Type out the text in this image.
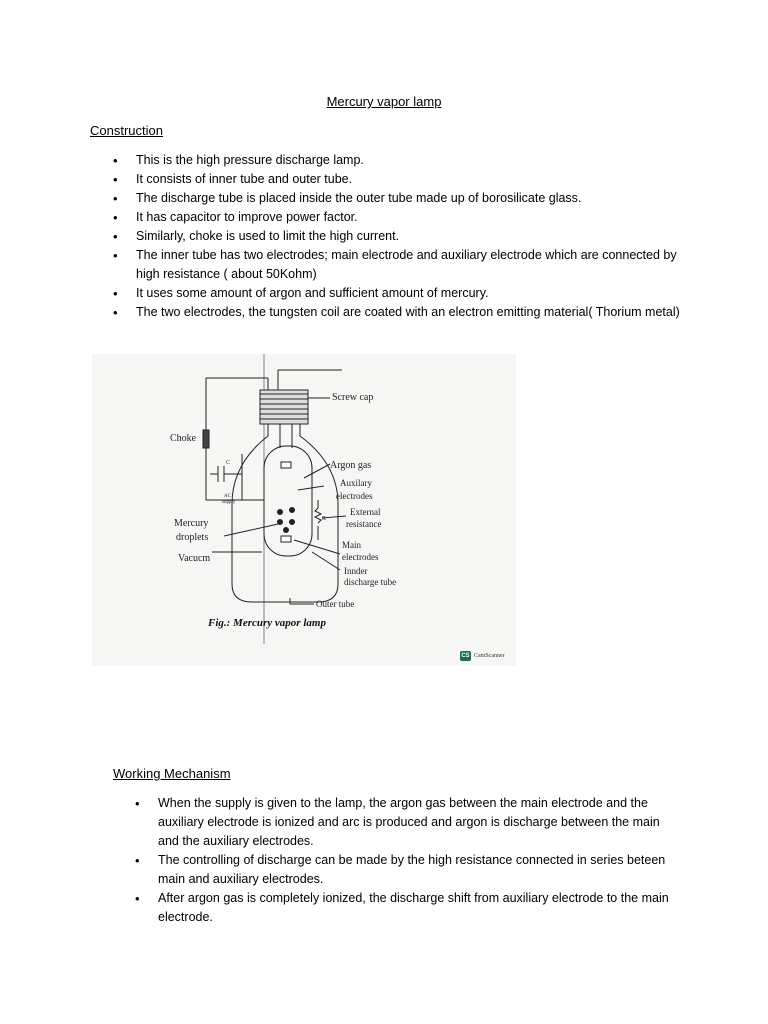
Mercury vapor lamp
Construction
• This is the high pressure discharge lamp.
• It consists of inner tube and outer tube.
• The discharge tube is placed inside the outer tube made up of borosilicate glass.
• It has capacitor to improve power factor.
• Similarly, choke is used to limit the high current.
• The inner tube has two electrodes; main electrode and auxiliary electrode which are connected by high resistance ( about 50Kohm)
• It uses some amount of argon and sufficient amount of mercury.
• The two electrodes, the tungsten coil are coated with an electron emitting material( Thorium metal)
Screw cap
Choke
Argon gas
Auxilary
electrodes
External
resistance
Mercury
droplets
Vacucm
Main
electrodes
Innder
discharge tube
Outer tube
AC
supply
C
R
Fig.: Mercury vapor lamp
CS CamScanner
Working Mechanism
• When the supply is given to the lamp, the argon gas between the main electrode and the auxiliary electrode is ionized and arc is produced and argon is discharge between the main and the auxiliary electrodes.
• The controlling of discharge can be made by the high resistance connected in series beteen main and auxiliary electrodes.
• After argon gas is completely ionized, the discharge shift from auxiliary electrode to the main electrode.
